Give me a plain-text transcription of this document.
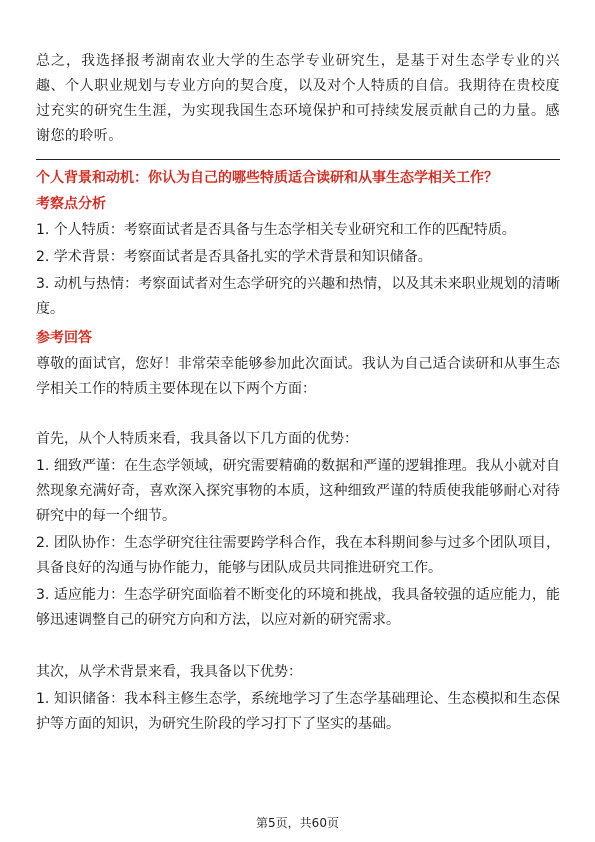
总之，我选择报考湖南农业大学的生态学专业研究生，是基于对生态学专业的兴趣、个人职业规划与专业方向的契合度，以及对个人特质的自信。我期待在贵校度过充实的研究生生涯，为实现我国生态环境保护和可持续发展贡献自己的力量。感谢您的聆听。

个人背景和动机：你认为自己的哪些特质适合读研和从事生态学相关工作？

考察点分析

1. 个人特质：考察面试者是否具备与生态学相关专业研究和工作的匹配特质。

2. 学术背景：考察面试者是否具备扎实的学术背景和知识储备。

3. 动机与热情：考察面试者对生态学研究的兴趣和热情，以及其未来职业规划的清晰度。

参考回答

尊敬的面试官，您好！非常荣幸能够参加此次面试。我认为自己适合读研和从事生态学相关工作的特质主要体现在以下两个方面：

首先，从个人特质来看，我具备以下几方面的优势：

1. 细致严谨：在生态学领域，研究需要精确的数据和严谨的逻辑推理。我从小就对自然现象充满好奇，喜欢深入探究事物的本质，这种细致严谨的特质使我能够耐心对待研究中的每一个细节。

2. 团队协作：生态学研究往往需要跨学科合作，我在本科期间参与过多个团队项目，具备良好的沟通与协作能力，能够与团队成员共同推进研究工作。

3. 适应能力：生态学研究面临着不断变化的环境和挑战，我具备较强的适应能力，能够迅速调整自己的研究方向和方法，以应对新的研究需求。

其次，从学术背景来看，我具备以下优势：

1. 知识储备：我本科主修生态学，系统地学习了生态学基础理论、生态模拟和生态保护等方面的知识，为研究生阶段的学习打下了坚实的基础。

第5页，共60页
